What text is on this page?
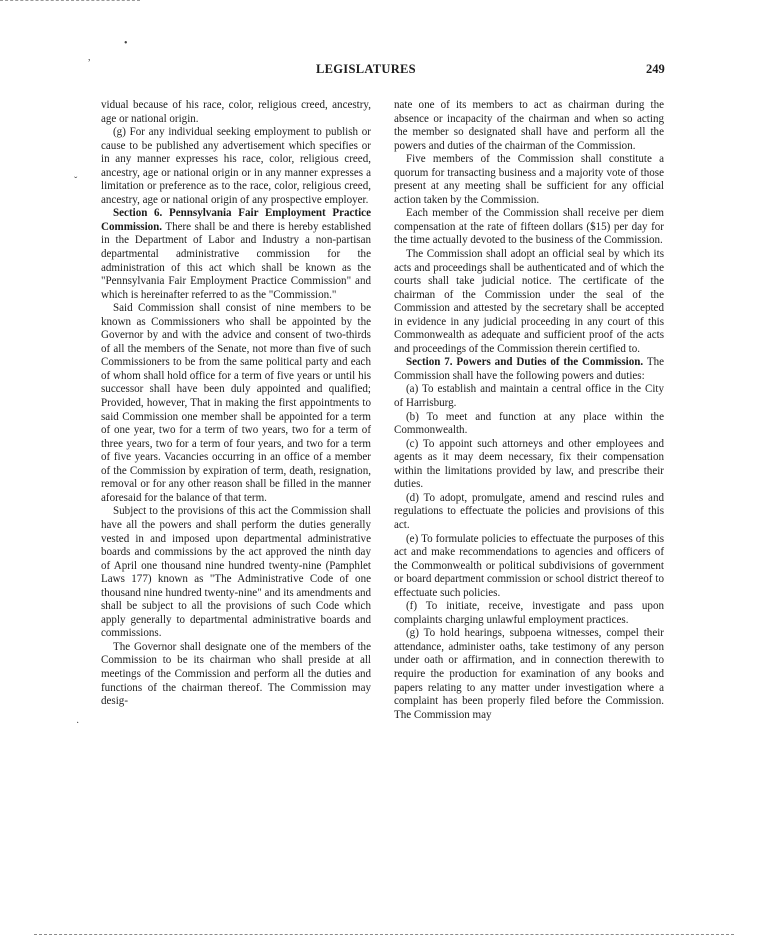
LEGISLATURES	249
,
•
ˇ
·

vidual because of his race, color, religious creed, ancestry, age or national origin.

(g) For any individual seeking employment to publish or cause to be published any advertisement which specifies or in any manner expresses his race, color, religious creed, ancestry, age or national origin or in any manner expresses a limitation or preference as to the race, color, religious creed, ancestry, age or national origin of any prospective employer.

Section 6. Pennsylvania Fair Employment Practice Commission. There shall be and there is hereby established in the Department of Labor and Industry a non-partisan departmental administrative commission for the administration of this act which shall be known as the "Pennsylvania Fair Employment Practice Commission" and which is hereinafter referred to as the "Commission."

Said Commission shall consist of nine members to be known as Commissioners who shall be appointed by the Governor by and with the advice and consent of two-thirds of all the members of the Senate, not more than five of such Commissioners to be from the same political party and each of whom shall hold office for a term of five years or until his successor shall have been duly appointed and qualified; Provided, however, That in making the first appointments to said Commission one member shall be appointed for a term of one year, two for a term of two years, two for a term of three years, two for a term of four years, and two for a term of five years. Vacancies occurring in an office of a member of the Commission by expiration of term, death, resignation, removal or for any other reason shall be filled in the manner aforesaid for the balance of that term.

Subject to the provisions of this act the Commission shall have all the powers and shall perform the duties generally vested in and imposed upon departmental administrative boards and commissions by the act approved the ninth day of April one thousand nine hundred twenty-nine (Pamphlet Laws 177) known as "The Administrative Code of one thousand nine hundred twenty-nine" and its amendments and shall be subject to all the provisions of such Code which apply generally to departmental administrative boards and commissions.

The Governor shall designate one of the members of the Commission to be its chairman who shall preside at all meetings of the Commission and perform all the duties and functions of the chairman thereof. The Commission may desig-

nate one of its members to act as chairman during the absence or incapacity of the chairman and when so acting the member so designated shall have and perform all the powers and duties of the chairman of the Commission.

Five members of the Commission shall constitute a quorum for transacting business and a majority vote of those present at any meeting shall be sufficient for any official action taken by the Commission.

Each member of the Commission shall receive per diem compensation at the rate of fifteen dollars ($15) per day for the time actually devoted to the business of the Commission.

The Commission shall adopt an official seal by which its acts and proceedings shall be authenticated and of which the courts shall take judicial notice. The certificate of the chairman of the Commission under the seal of the Commission and attested by the secretary shall be accepted in evidence in any judicial proceeding in any court of this Commonwealth as adequate and sufficient proof of the acts and proceedings of the Commission therein certified to.

Section 7. Powers and Duties of the Commission. The Commission shall have the following powers and duties:

(a) To establish and maintain a central office in the City of Harrisburg.

(b) To meet and function at any place within the Commonwealth.

(c) To appoint such attorneys and other employees and agents as it may deem necessary, fix their compensation within the limitations provided by law, and prescribe their duties.

(d) To adopt, promulgate, amend and rescind rules and regulations to effectuate the policies and provisions of this act.

(e) To formulate policies to effectuate the purposes of this act and make recommendations to agencies and officers of the Commonwealth or political subdivisions of government or board department commission or school district thereof to effectuate such policies.

(f) To initiate, receive, investigate and pass upon complaints charging unlawful employment practices.

(g) To hold hearings, subpoena witnesses, compel their attendance, administer oaths, take testimony of any person under oath or affirmation, and in connection therewith to require the production for examination of any books and papers relating to any matter under investigation where a complaint has been properly filed before the Commission. The Commission may
